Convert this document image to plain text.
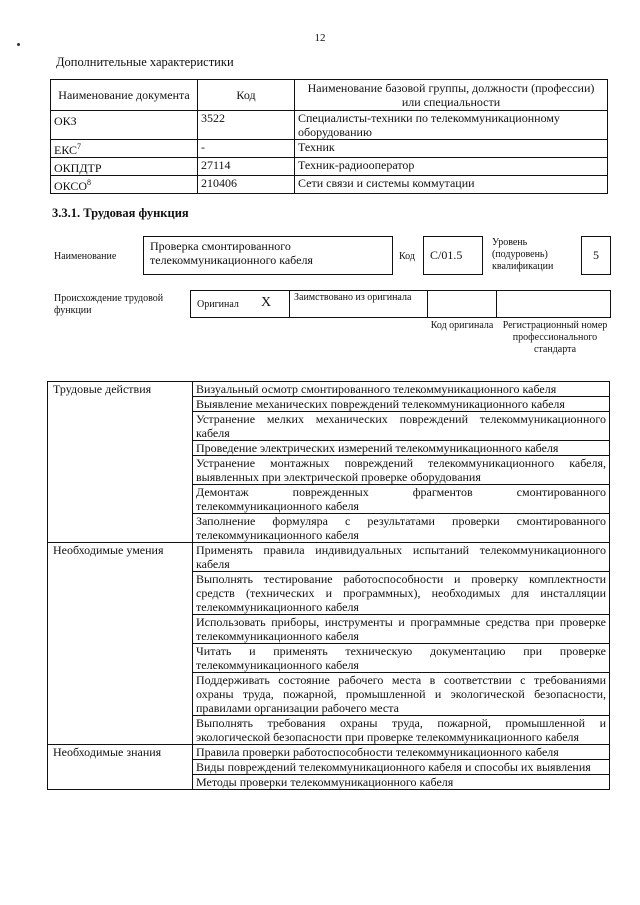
12
Дополнительные характеристики
Наименование документа	Код	Наименование базовой группы, должности (профессии) или специальности
ОКЗ	3522	Специалисты-техники по телекоммуникационному оборудованию
ЕКС$^7$	-	Техник
ОКПДТР	27114	Техник-радиооператор
ОКСО$^8$	210406	Сети связи и системы коммутации
3.3.1. Трудовая функция
Наименование
Проверка смонтированного телекоммуникационного кабеля	Код	С/01.5
Уровень (подуровень) квалификации
5
Происхождение трудовой функции
Оригинал X Заимствовано из оригинала
Код оригинала Регистрационный номер профессионального стандарта
Трудовые действия	Визуальный осмотр смонтированного телекоммуникационного кабеля
	Выявление механических повреждений телекоммуникационного кабеля
	Устранение мелких механических повреждений телекоммуникационного кабеля
	Проведение электрических измерений телекоммуникационного кабеля
	Устранение монтажных повреждений телекоммуникационного кабеля, выявленных при электрической проверке оборудования
	Демонтаж поврежденных фрагментов смонтированного телекоммуникационного кабеля
	Заполнение формуляра с результатами проверки смонтированного телекоммуникационного кабеля
Необходимые умения	Применять правила индивидуальных испытаний телекоммуникационного кабеля
	Выполнять тестирование работоспособности и проверку комплектности средств (технических и программных), необходимых для инсталляции телекоммуникационного кабеля
	Использовать приборы, инструменты и программные средства при проверке телекоммуникационного кабеля
	Читать и применять техническую документацию при проверке телекоммуникационного кабеля
	Поддерживать состояние рабочего места в соответствии с требованиями охраны труда, пожарной, промышленной и экологической безопасности, правилами организации рабочего места
	Выполнять требования охраны труда, пожарной, промышленной и экологической безопасности при проверке телекоммуникационного кабеля
Необходимые знания	Правила проверки работоспособности телекоммуникационного кабеля
	Виды повреждений телекоммуникационного кабеля и способы их выявления
	Методы проверки телекоммуникационного кабеля
